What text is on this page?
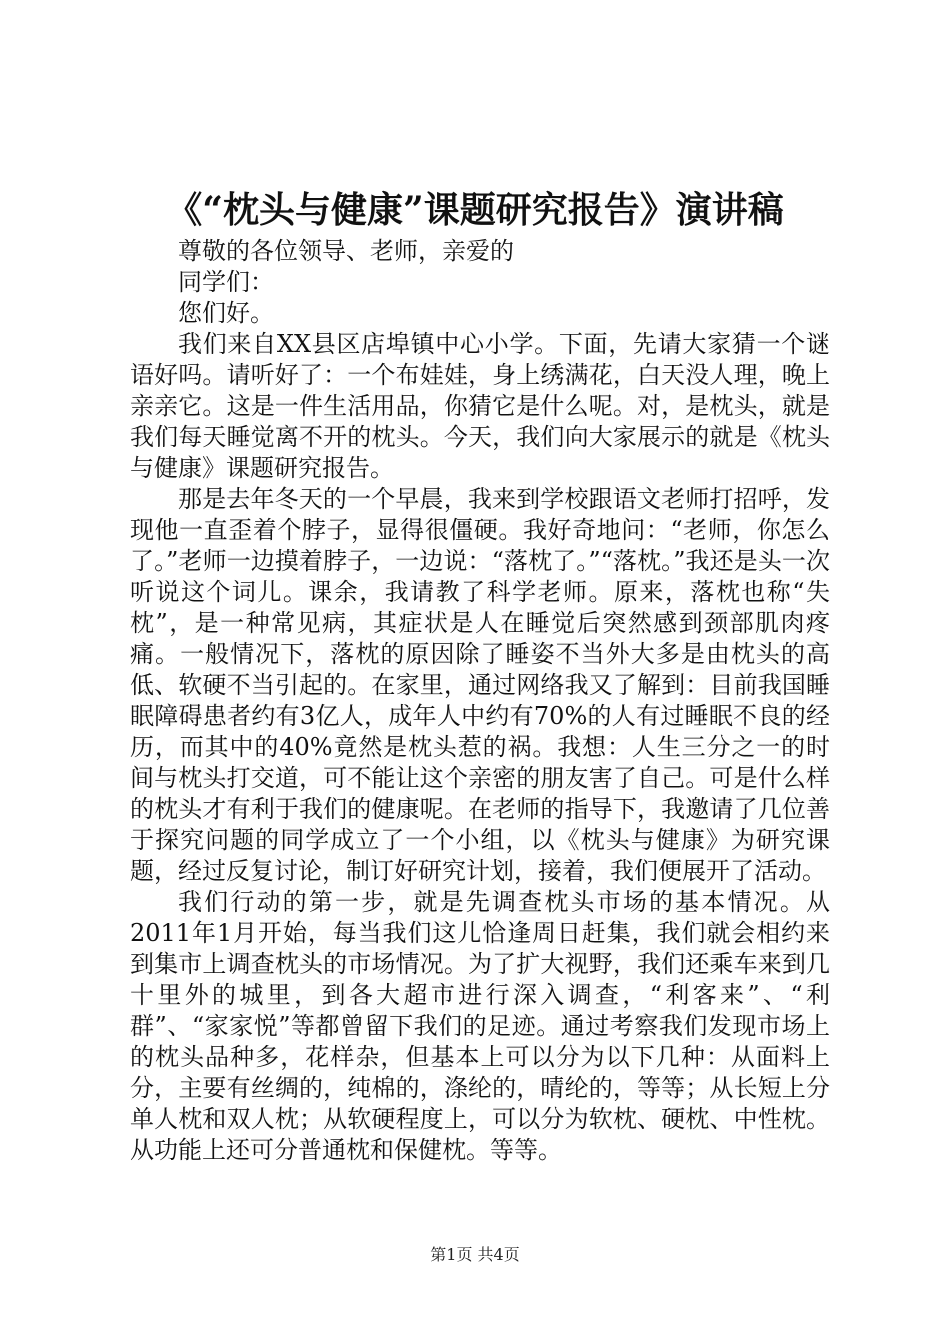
《“枕头与健康”课题研究报告》演讲稿

尊敬的各位领导、老师，亲爱的

同学们：

您们好。

我们来自XX县区店埠镇中心小学。下面，先请大家猜一个谜语好吗。请听好了：一个布娃娃，身上绣满花，白天没人理，晚上亲亲它。这是一件生活用品，你猜它是什么呢。对，是枕头，就是我们每天睡觉离不开的枕头。今天，我们向大家展示的就是《枕头与健康》课题研究报告。

那是去年冬天的一个早晨，我来到学校跟语文老师打招呼，发现他一直歪着个脖子，显得很僵硬。我好奇地问：“老师，你怎么了。”老师一边摸着脖子，一边说：“落枕了。”“落枕。”我还是头一次听说这个词儿。课余，我请教了科学老师。原来，落枕也称“失枕”，是一种常见病，其症状是人在睡觉后突然感到颈部肌肉疼痛。一般情况下，落枕的原因除了睡姿不当外大多是由枕头的高低、软硬不当引起的。在家里，通过网络我又了解到：目前我国睡眠障碍患者约有3亿人，成年人中约有70%的人有过睡眠不良的经历，而其中的40%竟然是枕头惹的祸。我想：人生三分之一的时间与枕头打交道，可不能让这个亲密的朋友害了自己。可是什么样的枕头才有利于我们的健康呢。在老师的指导下，我邀请了几位善于探究问题的同学成立了一个小组，以《枕头与健康》为研究课题，经过反复讨论，制订好研究计划，接着，我们便展开了活动。

我们行动的第一步，就是先调查枕头市场的基本情况。从2011年1月开始，每当我们这儿恰逢周日赶集，我们就会相约来到集市上调查枕头的市场情况。为了扩大视野，我们还乘车来到几十里外的城里，到各大超市进行深入调查，“利客来”、“利群”、“家家悦”等都曾留下我们的足迹。通过考察我们发现市场上的枕头品种多，花样杂，但基本上可以分为以下几种：从面料上分，主要有丝绸的，纯棉的，涤纶的，晴纶的，等等；从长短上分单人枕和双人枕；从软硬程度上，可以分为软枕、硬枕、中性枕。从功能上还可分普通枕和保健枕。等等。

第1页 共4页
